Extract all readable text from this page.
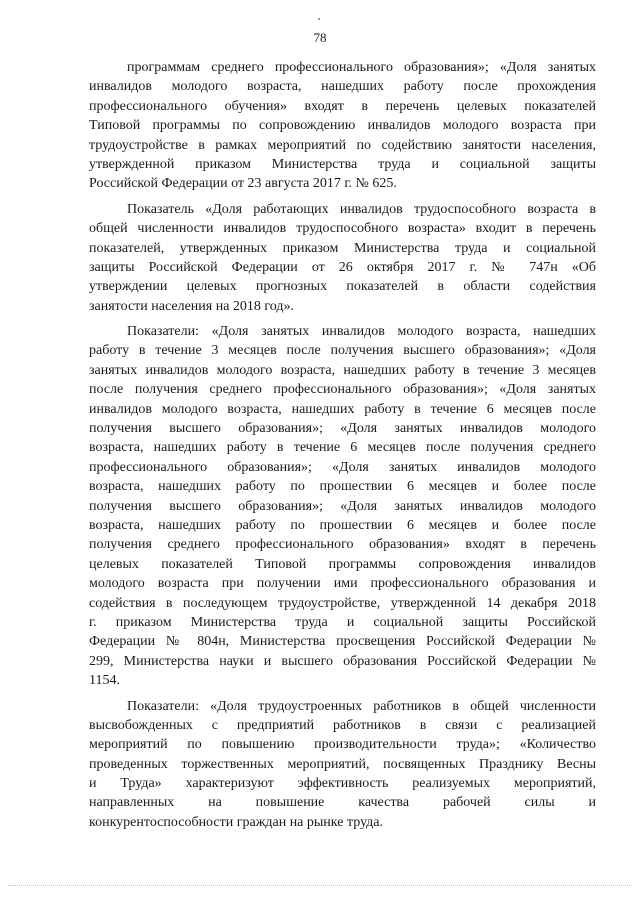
78
программам среднего профессионального образования»; «Доля занятых
инвалидов молодого возраста, нашедших работу после прохождения
профессионального обучения» входят в перечень целевых показателей
Типовой программы по сопровождению инвалидов молодого возраста при
трудоустройстве в рамках мероприятий по содействию занятости населения,
утвержденной приказом Министерства труда и социальной защиты
Российской Федерации от 23 августа 2017 г. № 625.
Показатель «Доля работающих инвалидов трудоспособного возраста в
общей численности инвалидов трудоспособного возраста» входит в перечень
показателей, утвержденных приказом Министерства труда и социальной
защиты Российской Федерации от 26 октября 2017 г. № 747н «Об
утверждении целевых прогнозных показателей в области содействия
занятости населения на 2018 год».
Показатели: «Доля занятых инвалидов молодого возраста, нашедших
работу в течение 3 месяцев после получения высшего образования»; «Доля
занятых инвалидов молодого возраста, нашедших работу в течение 3 месяцев
после получения среднего профессионального образования»; «Доля занятых
инвалидов молодого возраста, нашедших работу в течение 6 месяцев после
получения высшего образования»; «Доля занятых инвалидов молодого
возраста, нашедших работу в течение 6 месяцев после получения среднего
профессионального образования»; «Доля занятых инвалидов молодого
возраста, нашедших работу по прошествии 6 месяцев и более после
получения высшего образования»; «Доля занятых инвалидов молодого
возраста, нашедших работу по прошествии 6 месяцев и более после
получения среднего профессионального образования» входят в перечень
целевых показателей Типовой программы сопровождения инвалидов
молодого возраста при получении ими профессионального образования и
содействия в последующем трудоустройстве, утвержденной 14 декабря 2018
г. приказом Министерства труда и социальной защиты Российской
Федерации № 804н, Министерства просвещения Российской Федерации №
299, Министерства науки и высшего образования Российской Федерации №
1154.
Показатели: «Доля трудоустроенных работников в общей численности
высвобожденных с предприятий работников в связи с реализацией
мероприятий по повышению производительности труда»; «Количество
проведенных торжественных мероприятий, посвященных Празднику Весны
и Труда» характеризуют эффективность реализуемых мероприятий,
направленных на повышение качества рабочей силы и
конкурентоспособности граждан на рынке труда.
